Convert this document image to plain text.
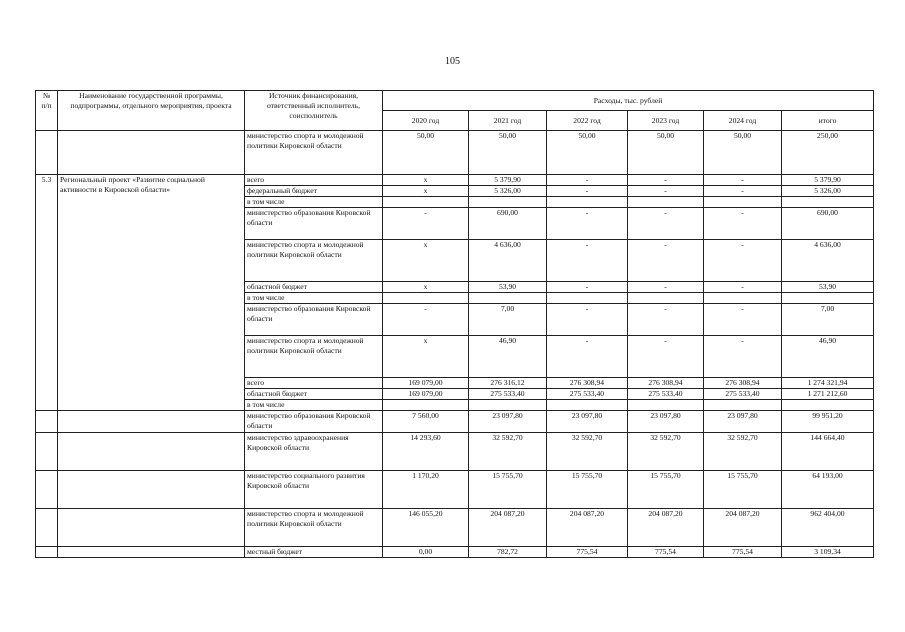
105
№
п/п	Наименование государственной программы, подпрограммы, отдельного мероприятия, проекта	Источник финансирования, ответственный исполнитель, соисполнитель	Расходы, тыс. рублей					
			2020 год	2021 год	2022 год	2023 год	2024 год	итого
		министерство спорта и молодежной политики Кировской области	50,00	50,00	50,00	50,00	50,00	250,00
5.3	Региональный проект «Развитие социальной активности в Кировской области»	всего	x	5 379,90	-	-	-	5 379,90
		федеральный бюджет	x	5 326,00	-	-	-	5 326,00
		в том числе						
		министерство образования Кировской области	-	690,00	-	-	-	690,00
		министерство спорта и молодежной политики Кировской области	x	4 636,00	-	-	-	4 636,00
		областной бюджет	x	53,90	-	-	-	53,90
		в том числе						
		министерство образования Кировской области	-	7,00	-	-	-	7,00
		министерство спорта и молодежной политики Кировской области	x	46,90	-	-	-	46,90
		всего	169 079,00	276 316,12	276 308,94	276 308,94	276 308,94	1 274 321,94
		областной бюджет	169 079,00	275 533,40	275 533,40	275 533,40	275 533,40	1 271 212,60
		в том числе						
		министерство образования Кировской области	7 560,00	23 097,80	23 097,80	23 097,80	23 097,80	99 951,20
		министерство здравоохранения Кировской области	14 293,60	32 592,70	32 592,70	32 592,70	32 592,70	144 664,40
		министерство социального развития Кировской области	1 170,20	15 755,70	15 755,70	15 755,70	15 755,70	64 193,00
		министерство спорта и молодежной политики Кировской области	146 055,20	204 087,20	204 087,20	204 087,20	204 087,20	962 404,00
		местный бюджет	0,00	782,72	775,54	775,54	775,54	3 109,34
